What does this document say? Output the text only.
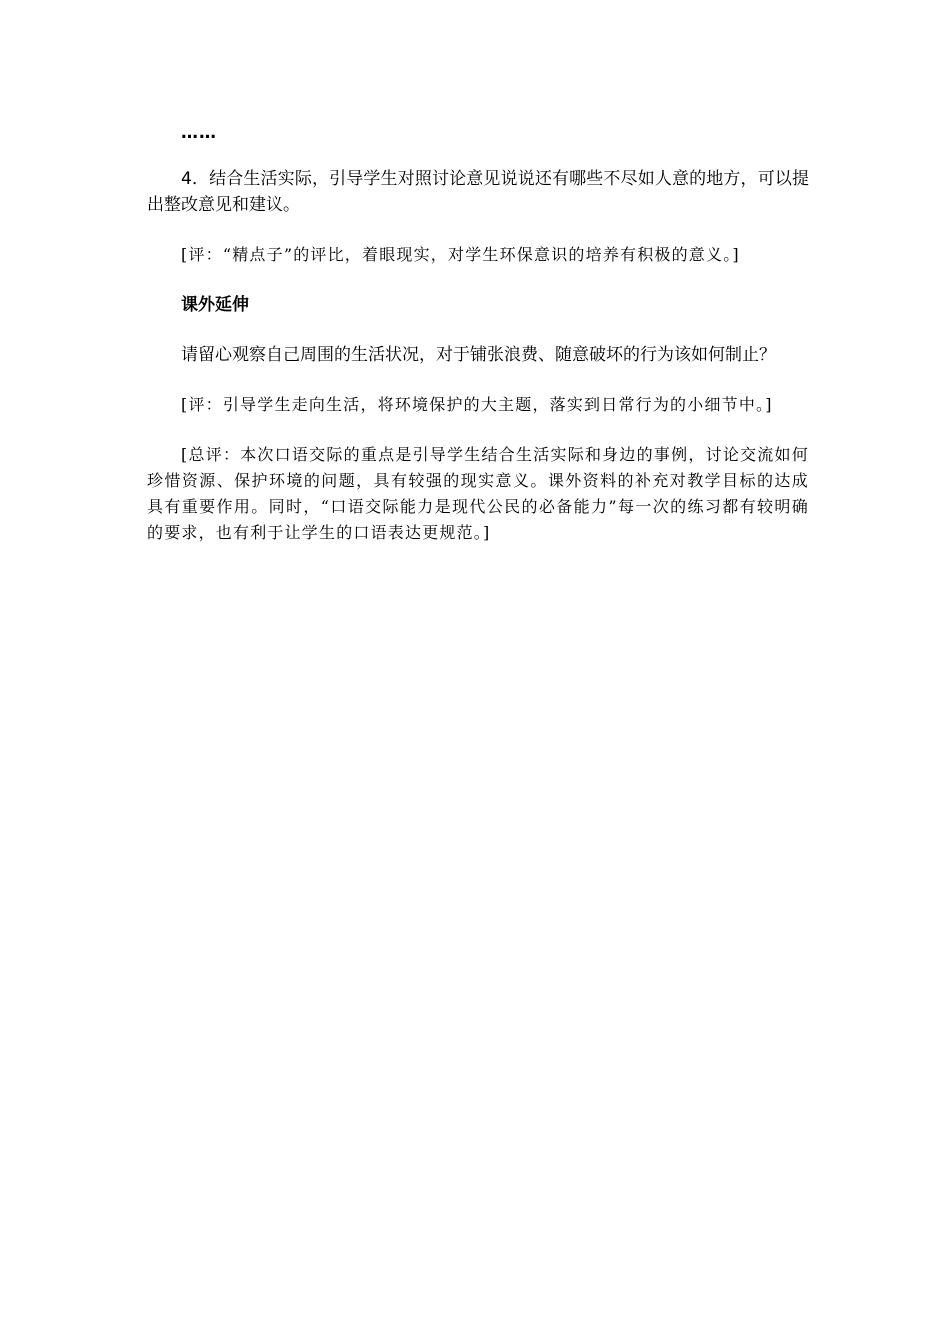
……

4．结合生活实际，引导学生对照讨论意见说说还有哪些不尽如人意的地方，可以提出整改意见和建议。

[评：“精点子”的评比，着眼现实，对学生环保意识的培养有积极的意义。]

课外延伸

请留心观察自己周围的生活状况，对于铺张浪费、随意破坏的行为该如何制止？

[评：引导学生走向生活，将环境保护的大主题，落实到日常行为的小细节中。]

[总评：本次口语交际的重点是引导学生结合生活实际和身边的事例，讨论交流如何珍惜资源、保护环境的问题，具有较强的现实意义。课外资料的补充对教学目标的达成具有重要作用。同时，“口语交际能力是现代公民的必备能力”每一次的练习都有较明确的要求，也有利于让学生的口语表达更规范。]
